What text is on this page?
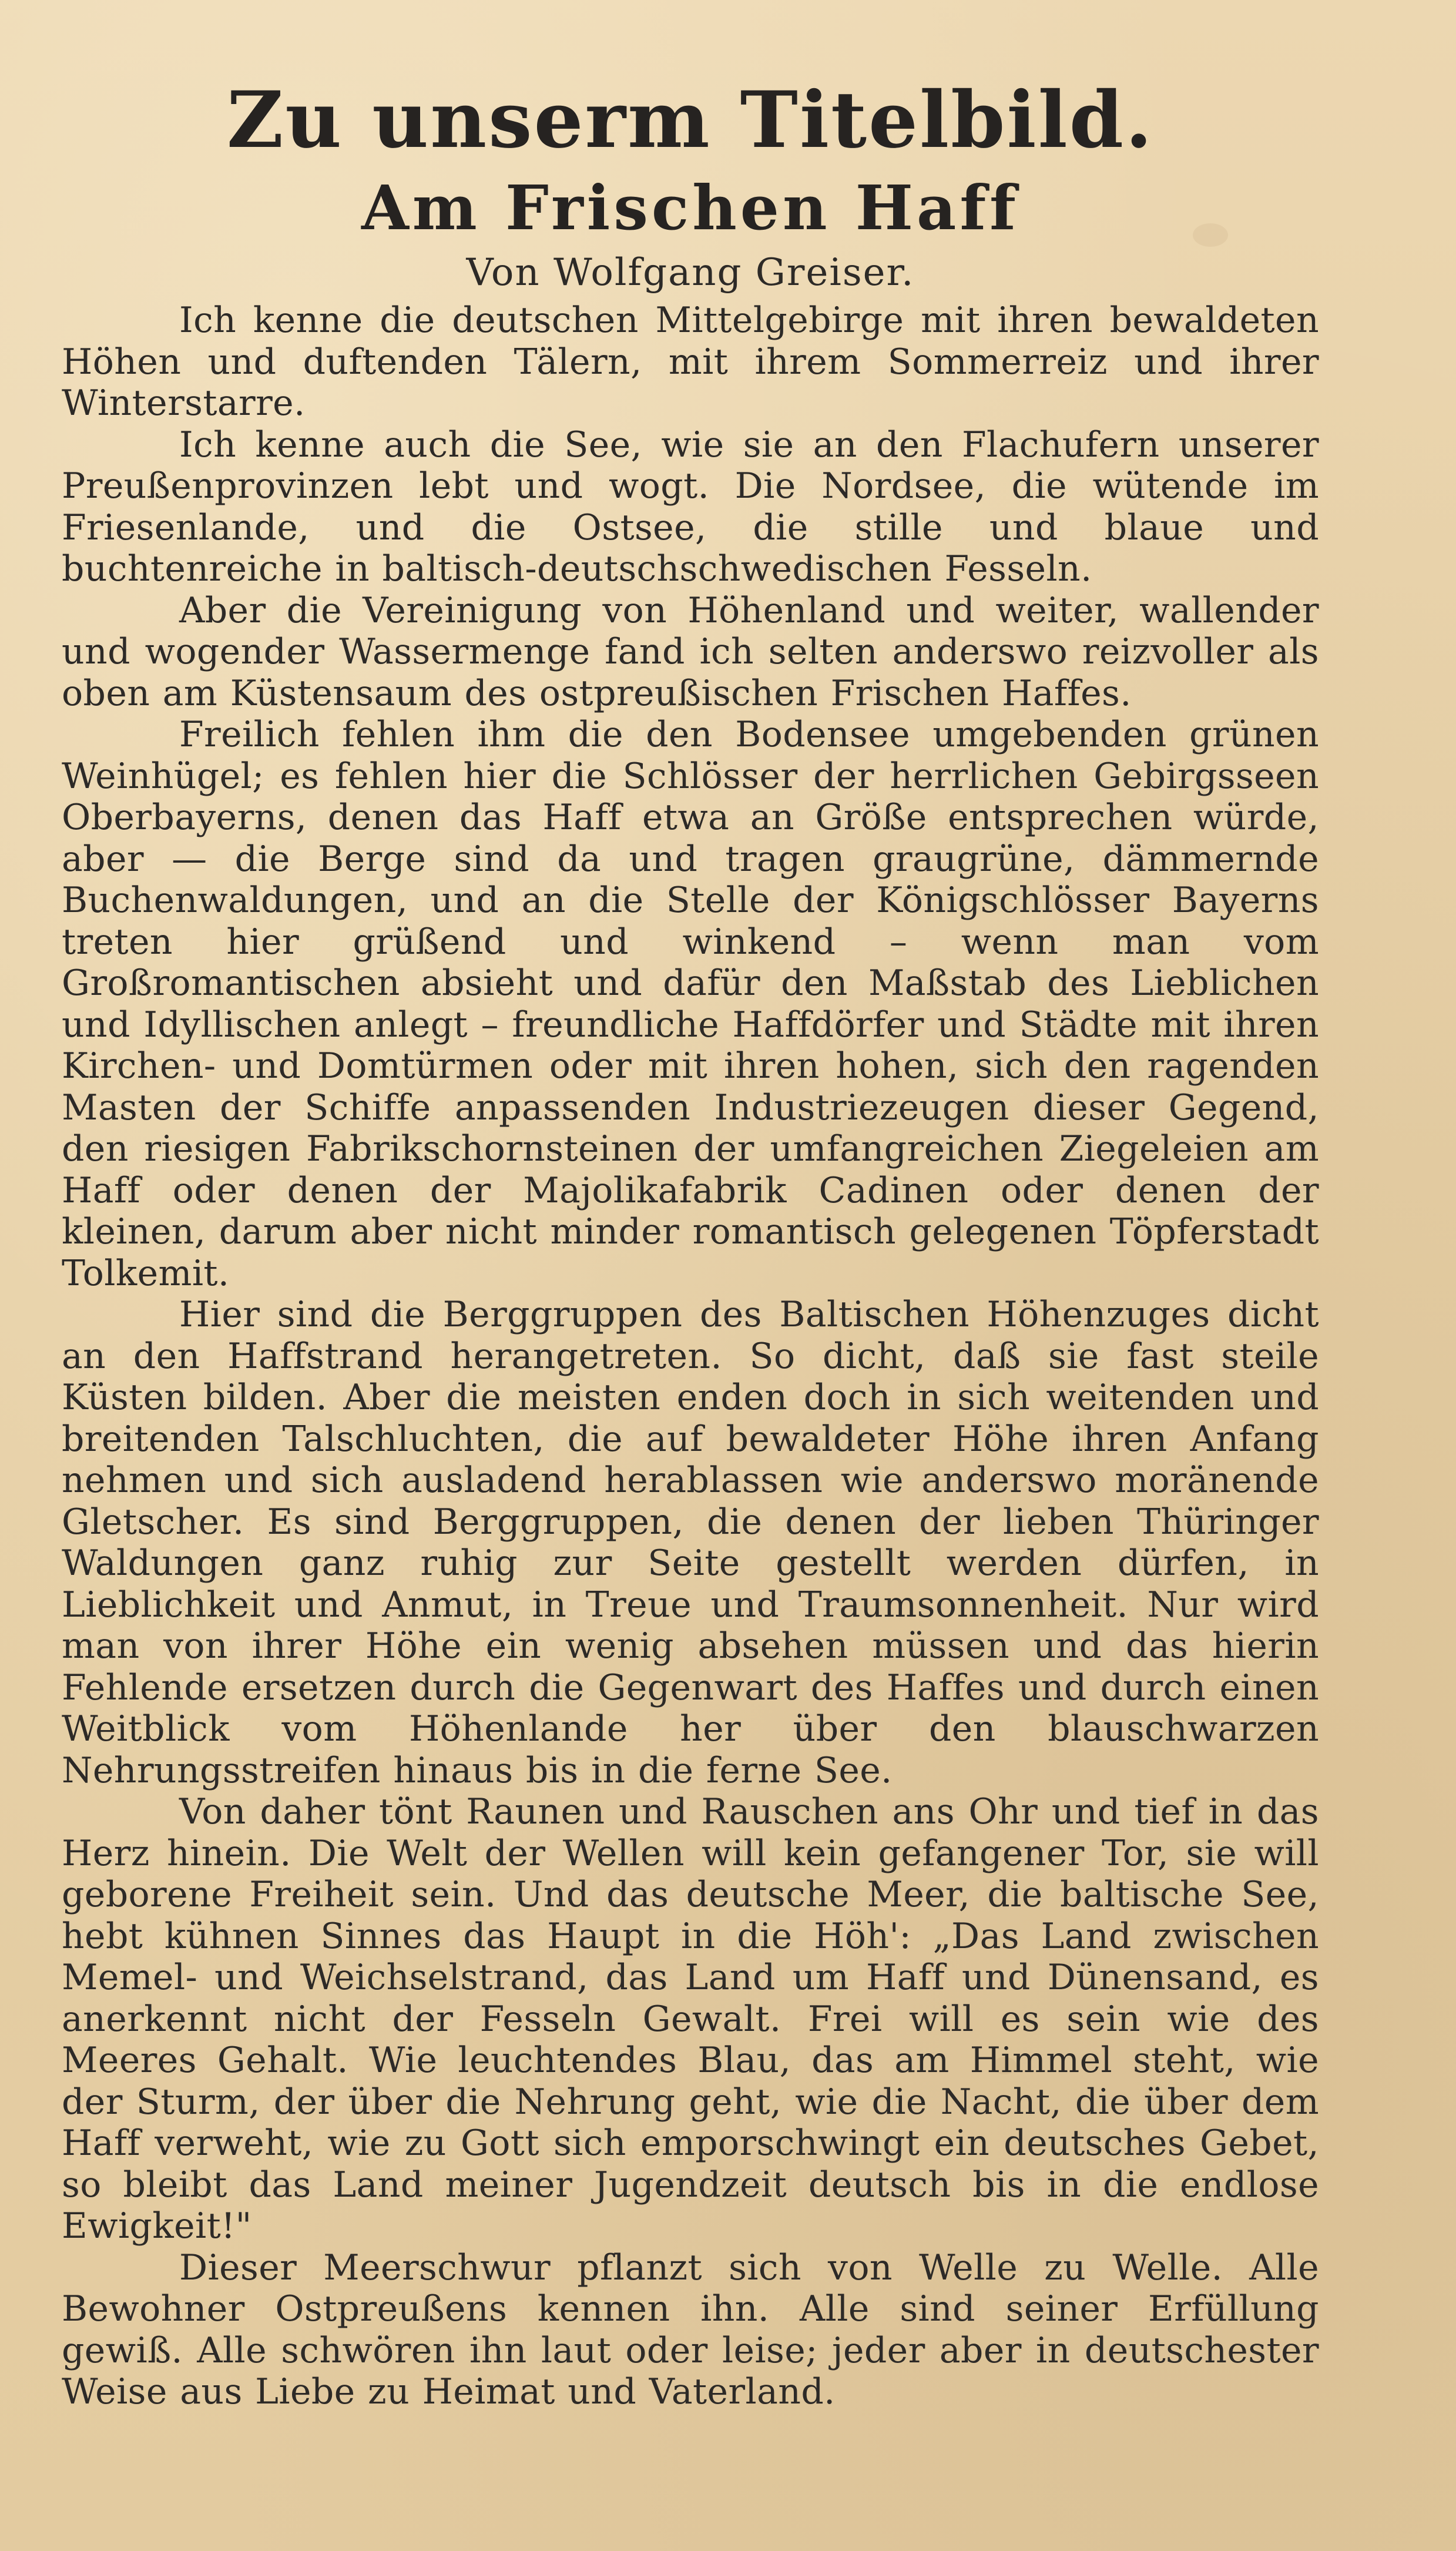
Zu unserm Titelbild.
Am Frischen Haff
Von Wolfgang Greiser.

Ich kenne die deutschen Mittelgebirge mit ihren bewaldeten Höhen und duftenden Tälern, mit ihrem Sommerreiz und ihrer Winterstarre.

Ich kenne auch die See, wie sie an den Flachufern unserer Preußenprovinzen lebt und wogt. Die Nordsee, die wütende im Friesenlande, und die Ostsee, die stille und blaue und buchtenreiche in baltisch-deutschschwedischen Fesseln.

Aber die Vereinigung von Höhenland und weiter, wallender und wogender Wassermenge fand ich selten anderswo reizvoller als oben am Küstensaum des ostpreußischen Frischen Haffes.

Freilich fehlen ihm die den Bodensee umgebenden grünen Weinhügel; es fehlen hier die Schlösser der herrlichen Gebirgsseen Oberbayerns, denen das Haff etwa an Größe entsprechen würde, aber — die Berge sind da und tragen graugrüne, dämmernde Buchenwaldungen, und an die Stelle der Königschlösser Bayerns treten hier grüßend und winkend – wenn man vom Großromantischen absieht und dafür den Maßstab des Lieblichen und Idyllischen anlegt – freundliche Haffdörfer und Städte mit ihren Kirchen- und Domtürmen oder mit ihren hohen, sich den ragenden Masten der Schiffe anpassenden Industriezeugen dieser Gegend, den riesigen Fabrikschornsteinen der umfangreichen Ziegeleien am Haff oder denen der Majolikafabrik Cadinen oder denen der kleinen, darum aber nicht minder romantisch gelegenen Töpferstadt Tolkemit.

Hier sind die Berggruppen des Baltischen Höhenzuges dicht an den Haffstrand herangetreten. So dicht, daß sie fast steile Küsten bilden. Aber die meisten enden doch in sich weitenden und breitenden Talschluchten, die auf bewaldeter Höhe ihren Anfang nehmen und sich ausladend herablassen wie anderswo moränende Gletscher. Es sind Berggruppen, die denen der lieben Thüringer Waldungen ganz ruhig zur Seite gestellt werden dürfen, in Lieblichkeit und Anmut, in Treue und Traumsonnenheit. Nur wird man von ihrer Höhe ein wenig absehen müssen und das hierin Fehlende ersetzen durch die Gegenwart des Haffes und durch einen Weitblick vom Höhenlande her über den blauschwarzen Nehrungsstreifen hinaus bis in die ferne See.

Von daher tönt Raunen und Rauschen ans Ohr und tief in das Herz hinein. Die Welt der Wellen will kein gefangener Tor, sie will geborene Freiheit sein. Und das deutsche Meer, die baltische See, hebt kühnen Sinnes das Haupt in die Höh': „Das Land zwischen Memel- und Weichselstrand, das Land um Haff und Dünensand, es anerkennt nicht der Fesseln Gewalt. Frei will es sein wie des Meeres Gehalt. Wie leuchtendes Blau, das am Himmel steht, wie der Sturm, der über die Nehrung geht, wie die Nacht, die über dem Haff verweht, wie zu Gott sich emporschwingt ein deutsches Gebet, so bleibt das Land meiner Jugendzeit deutsch bis in die endlose Ewigkeit!"

Dieser Meerschwur pflanzt sich von Welle zu Welle. Alle Bewohner Ostpreußens kennen ihn. Alle sind seiner Erfüllung gewiß. Alle schwören ihn laut oder leise; jeder aber in deutschester Weise aus Liebe zu Heimat und Vaterland.
